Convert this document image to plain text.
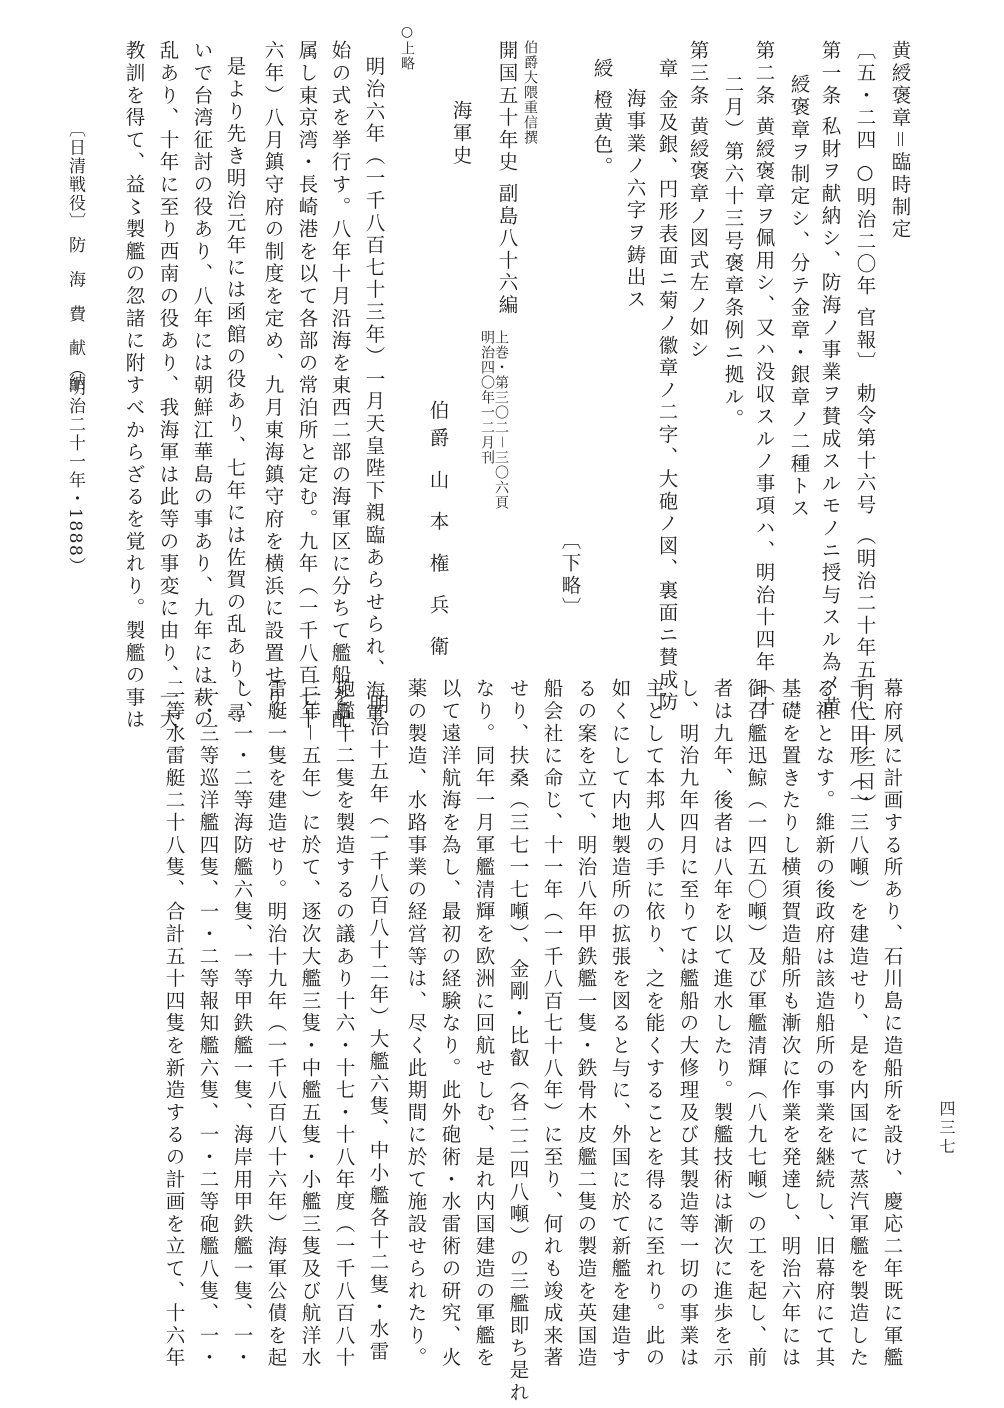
四三七
黄綬褒章＝臨時制定
〔五・二四 ○明治二〇年 官報〕 勅令第十六号 （明治二十年五月二十三日）
第一条 私財ヲ献納シ、防海ノ事業ヲ賛成スルモノニ授与スル為メ黄
綬褒章ヲ制定シ、分テ金章・銀章ノ二種トス
第二条 黄綬褒章ヲ佩用シ、又ハ没収スルノ事項ハ、明治十四年（十
二月）第六十三号褒章条例ニ拠ル。
第三条 黄綬褒章ノ図式左ノ如シ
章 金及銀、円形表面ニ菊ノ徽章ノ二字、大砲ノ図、裏面ニ賛成防
海事業ノ六字ヲ鋳出ス
綬 橙黄色。
〔下略〕
伯爵大隈重信撰
開国五十年史 副島八十六編
上巻・第三〇二－三〇六頁 明治四〇年一二月刊
海軍史
伯爵 山 本 権 兵 衛
○上略
明治六年（一千八百七十三年）一月天皇陛下親臨あらせられ、海軍
始の式を挙行す。八年十月沿海を東西二部の海軍区に分ちて艦船を配
属し東京湾・長崎港を以て各部の常泊所と定む。九年（一千八百七十
六年）八月鎮守府の制度を定め、九月東海鎮守府を横浜に設置せり。
是より先き明治元年には函館の役あり、七年には佐賀の乱あり、尋
いで台湾征討の役あり、八年には朝鮮江華島の事あり、九年には萩の
乱あり、十年に至り西南の役あり、我海軍は此等の事変に由り、一大
教訓を得て、益〻製艦の忽諸に附すべからざるを覚れり。製艦の事は
〔日清戦役〕
防 海 費 献 納
（明治二十一年・1888）
幕府夙に計画する所あり、石川島に造船所を設け、慶応二年既に軍艦
千代田形（一三八噸）を建造せり、是を内国にて蒸汽軍艦を製造した
る祖となす。維新の後政府は該造船所の事業を継続し、旧幕府にて其
基礎を置きたりし横須賀造船所も漸次に作業を発達し、明治六年には
御召艦迅鯨（一四五〇噸）及び軍艦清輝（八九七噸）の工を起し、前
者は九年、後者は八年を以て進水したり。製艦技術は漸次に進歩を示
し、明治九年四月に至りては艦船の大修理及び其製造等一切の事業は
主として本邦人の手に依り、之を能くすることを得るに至れり。此の
如くにして内地製造所の拡張を図ると与に、外国に於て新艦を建造す
るの案を立て、明治八年甲鉄艦一隻・鉄骨木皮艦二隻の製造を英国造
船会社に命じ、十一年（一千八百七十八年）に至り、何れも竣成来著
せり、扶桑（三七一七噸）、金剛・比叡（各二二四八噸）の三艦即ち是れ
なり。同年一月軍艦清輝を欧洲に回航せしむ、是れ内国建造の軍艦を
以て遠洋航海を為し、最初の経験なり。此外砲術・水雷術の研究、火
薬の製造、水路事業の経営等は、尽く此期間に於て施設せられたり。
明治十五年（一千八百八十二年）大艦六隻、中小艦各十二隻・水雷
砲艦十二隻を製造するの議あり十六・十七・十八年度（一千八百八十
三年－五年）に於て、逐次大艦三隻・中艦五隻・小艦三隻及び航洋水
雷艇一隻を建造せり。明治十九年（一千八百八十六年）海軍公債を起
し、一・二等海防艦六隻、一等甲鉄艦一隻、海岸用甲鉄艦一隻、一・
二・三等巡洋艦四隻、一・二等報知艦六隻、一・二等砲艦八隻、一・
二等水雷艇二十八隻、合計五十四隻を新造するの計画を立て、十六年
